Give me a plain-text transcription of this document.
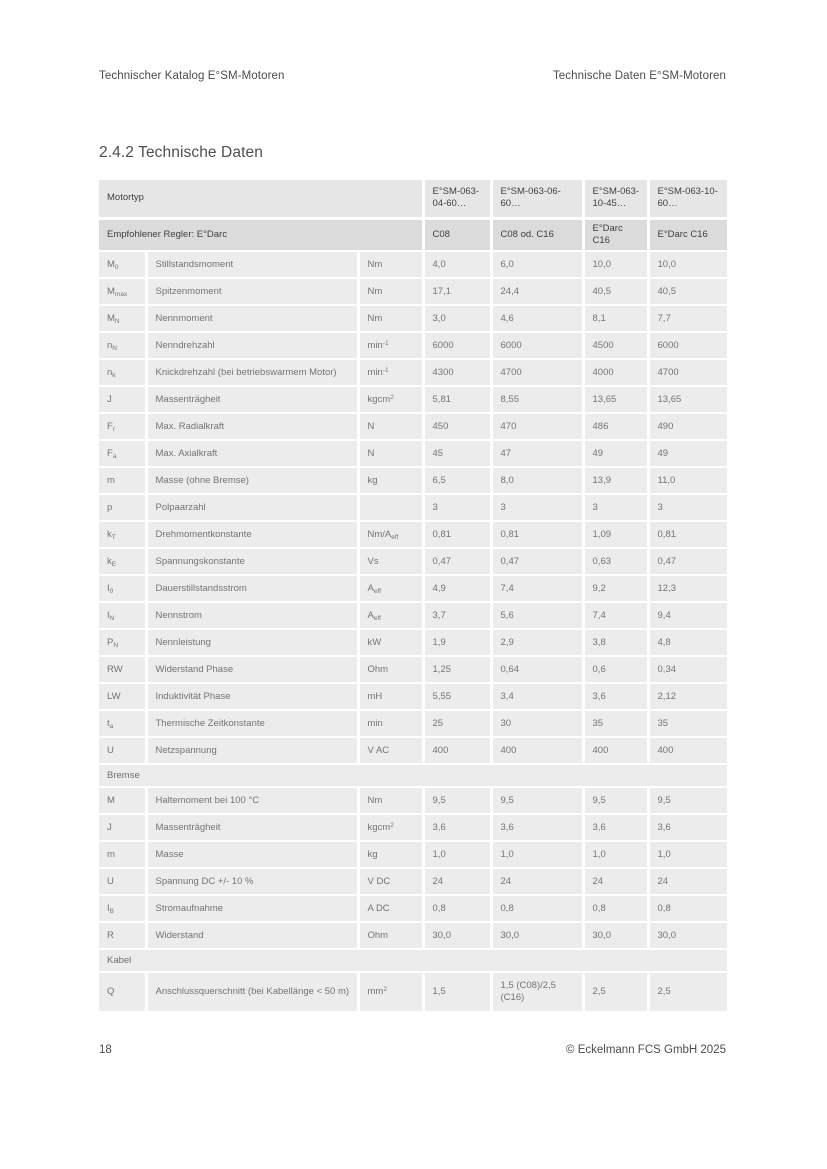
Technischer Katalog E°SM-Motoren	Technische Daten E°SM-Motoren
2.4.2 Technische Daten
Motortyp			E°SM-063-04-60…	E°SM-063-06-60…	E°SM-063-10-45…	E°SM-063-10-60…
Empfohlener Regler: E°Darc			C08	C08 od. C16	E°Darc C16	E°Darc C16
$M_0$	Stillstandsmoment	Nm	4,0	6,0	10,0	10,0
$M_{max}$	Spitzenmoment	Nm	17,1	24,4	40,5	40,5
$M_N$	Nennmoment	Nm	3,0	4,6	8,1	7,7
$n_N$	Nenndrehzahl	$\min^{-1}$	6000	6000	4500	6000
$n_k$	Knickdrehzahl (bei betriebswarmem Motor)	$\min^{-1}$	4300	4700	4000	4700
J	Massenträgheit	kgcm$^2$	5,81	8,55	13,65	13,65
$F_r$	Max. Radialkraft	N	450	470	486	490
$F_a$	Max. Axialkraft	N	45	47	49	49
m	Masse (ohne Bremse)	kg	6,5	8,0	13,9	11,0
p	Polpaarzahl		3	3	3	3
$k_T$	Drehmomentkonstante	$Nm/A_{eff}$	0,81	0,81	1,09	0,81
$k_E$	Spannungskonstante	Vs	0,47	0,47	0,63	0,47
$I_0$	Dauerstillstandsstrom	$A_{eff}$	4,9	7,4	9,2	12,3
$I_N$	Nennstrom	$A_{eff}$	3,7	5,6	7,4	9,4
$P_N$	Nennleistung	kW	1,9	2,9	3,8	4,8
RW	Widerstand Phase	Ohm	1,25	0,64	0,6	0,34
LW	Induktivität Phase	mH	5,55	3,4	3,6	2,12
$t_a$	Thermische Zeitkonstante	min	25	30	35	35
U	Netzspannung	V AC	400	400	400	400
Bremse						
M	Haltemoment bei 100 °C	Nm	9,5	9,5	9,5	9,5
J	Massenträgheit	kgcm$^2$	3,6	3,6	3,6	3,6
m	Masse	kg	1,0	1,0	1,0	1,0
U	Spannung DC +/- 10 %	V DC	24	24	24	24
$I_B$	Stromaufnahme	A DC	0,8	0,8	0,8	0,8
R	Widerstand	Ohm	30,0	30,0	30,0	30,0
Kabel						
Q	Anschlussquerschnitt (bei Kabellänge < 50 m)	$mm^2$	1,5	1,5 (C08)/2,5 (C16)	2,5	2,5
18	© Eckelmann FCS GmbH 2025
